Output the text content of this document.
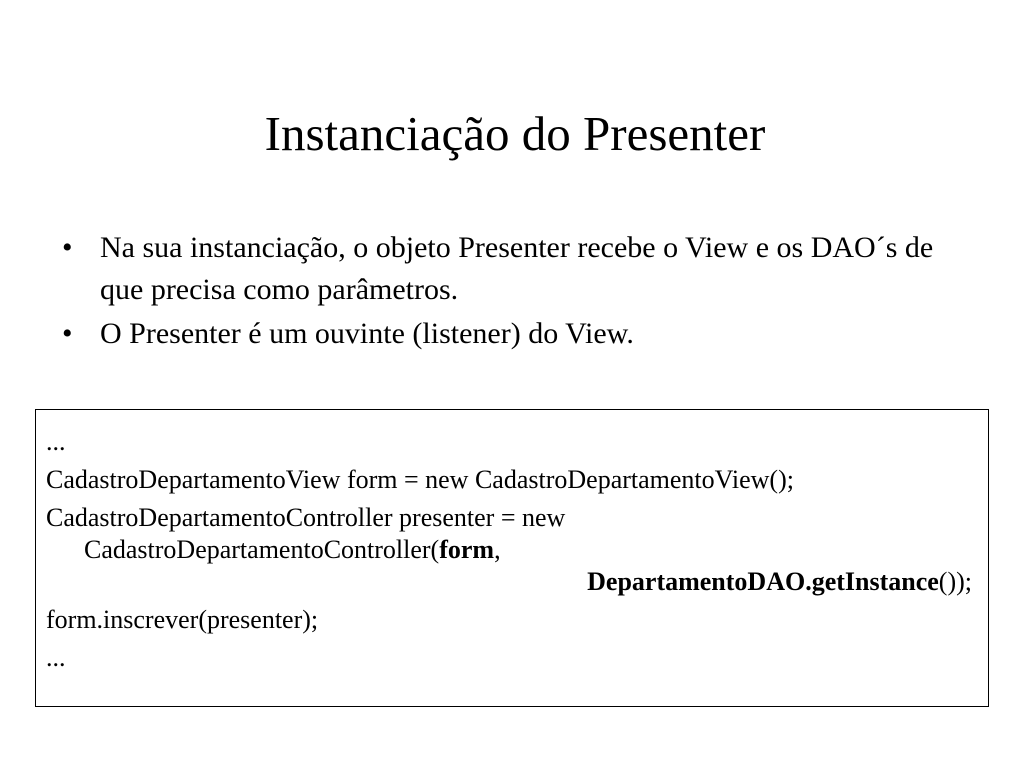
Instanciação do Presenter
• Na sua instanciação, o objeto Presenter recebe o View e os DAO´s de que precisa como parâmetros.
• O Presenter é um ouvinte (listener) do View.

...

CadastroDepartamentoView form = new CadastroDepartamentoView();

CadastroDepartamentoController presenter = new
CadastroDepartamentoController(form,
DepartamentoDAO.getInstance());

form.inscrever(presenter);

...
